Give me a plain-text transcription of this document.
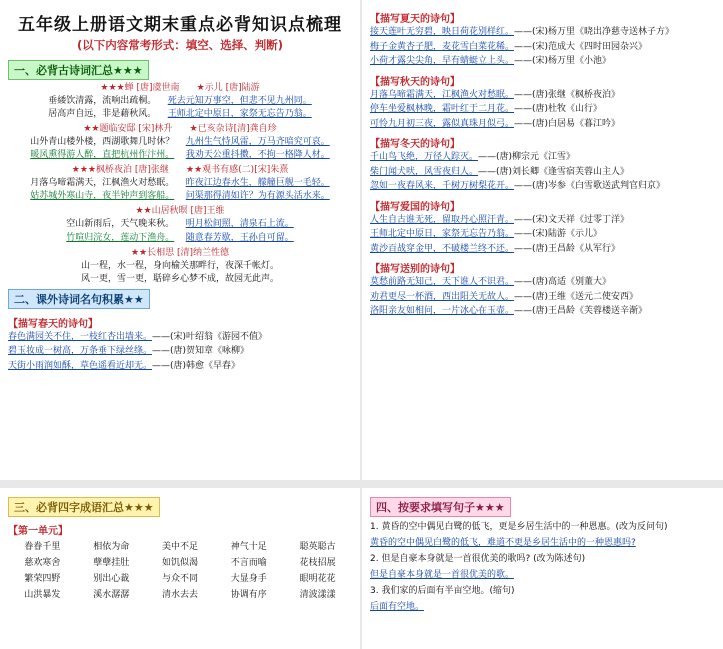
五年级上册语文期末重点必背知识点梳理
(以下内容常考形式：填空、选择、判断)
一、必背古诗词汇总★★★
★★★蝉 [唐]虞世南 ★示儿 [唐]陆游
垂緌饮清露，流响出疏桐。 死去元知万事空，但悲不见九州同。
居高声自远，非是藉秋风。 王师北定中原日，家祭无忘告乃翁。
★★题临安邸 [宋]林升 ★已亥杂诗[清]龚自珍
山外青山楼外楼，西湖歌舞几时休？ 九州生气恃风雷，万马齐喑究可哀。
暖风熏得游人醉，直把杭州作汴州。 我劝天公重抖擞，不拘一格降人材。
★★★枫桥夜泊 [唐]张继 ★★观书有感(二)[宋]朱熹
月落乌啼霜满天，江枫渔火对愁眠。 昨夜江边春水生，艨艟巨舰一毛轻。
姑苏城外寒山寺，夜半钟声到客船。 问渠那得清如许？为有源头活水来。
★★山居秋暝 [唐]王维
空山新雨后，天气晚来秋。 明月松间照，清泉石上流。
竹喧归浣女，莲动下渔舟。 随意春芳歇，王孙自可留。
★★长相思 [清]纳兰性德
山一程，水一程，身向榆关那畔行，夜深千帐灯。
风一更，雪一更，聒碎乡心梦不成，故园无此声。
二、课外诗词名句积累★★
【描写春天的诗句】
春色满园关不住，一枝红杏出墙来。——(宋)叶绍翁《游园不值》
碧玉妆成一树高，万条垂下绿丝绦。——(唐)贺知章《咏柳》
天街小雨润如酥，草色遥看近却无。——(唐)韩愈《早春》
【描写夏天的诗句】
接天莲叶无穷碧，映日荷花别样红。——(宋)杨万里《晓出净慈寺送林子方》
梅子金黄杏子肥，麦花雪白菜花稀。——(宋)范成大《四时田园杂兴》
小荷才露尖尖角，早有蜻蜓立上头。——(宋)杨万里《小池》
【描写秋天的诗句】
月落乌啼霜满天，江枫渔火对愁眠。——(唐)张继《枫桥夜泊》
停车坐爱枫林晚，霜叶红于二月花。——(唐)杜牧《山行》
可怜九月初三夜，露似真珠月似弓。——(唐)白居易《暮江吟》
【描写冬天的诗句】
千山鸟飞绝，万径人踪灭。——(唐)柳宗元《江雪》
柴门闻犬吠，风雪夜归人。——(唐)刘长卿《逢雪宿芙蓉山主人》
忽如一夜春风来，千树万树梨花开。——(唐)岑参《白雪歌送武判官归京》
【描写爱国的诗句】
人生自古谁无死，留取丹心照汗青。——(宋)文天祥《过零丁洋》
王师北定中原日，家祭无忘告乃翁。——(宋)陆游《示儿》
黄沙百战穿金甲，不破楼兰终不还。——(唐)王昌龄《从军行》
【描写送别的诗句】
莫愁前路无知己，天下谁人不识君。——(唐)高适《别董大》
劝君更尽一杯酒，西出阳关无故人。——(唐)王维《送元二使安西》
洛阳亲友如相问，一片冰心在玉壶。——(唐)王昌龄《芙蓉楼送辛渐》
三、必背四字成语汇总★★★
【第一单元】
眷眷千里	相依为命	美中不足	神气十足	聪英聪古
慈欢寒舍	孽孽挂肚	如饥似渴	不言而喻	花枝招展
繁荣四野	别出心裁	与众不同	大显身手	眼明花花
山洪暴发	溪水潺潺	清水去去	协调有序	清波漾漾
四、按要求填写句子★★★
1. 黄昏的空中偶见白鹭的低飞，更是乡居生活中的一种恩惠。(改为反问句)
黄昏的空中偶见白鹭的低飞，难道不更是乡居生活中的一种恩惠吗?
2. 但是自豪本身就是一首很优美的歌吗? (改为陈述句)
但是自豪本身就是一首很优美的歌。
3. 我们家的后面有半亩空地。(缩句)
后面有空地。
